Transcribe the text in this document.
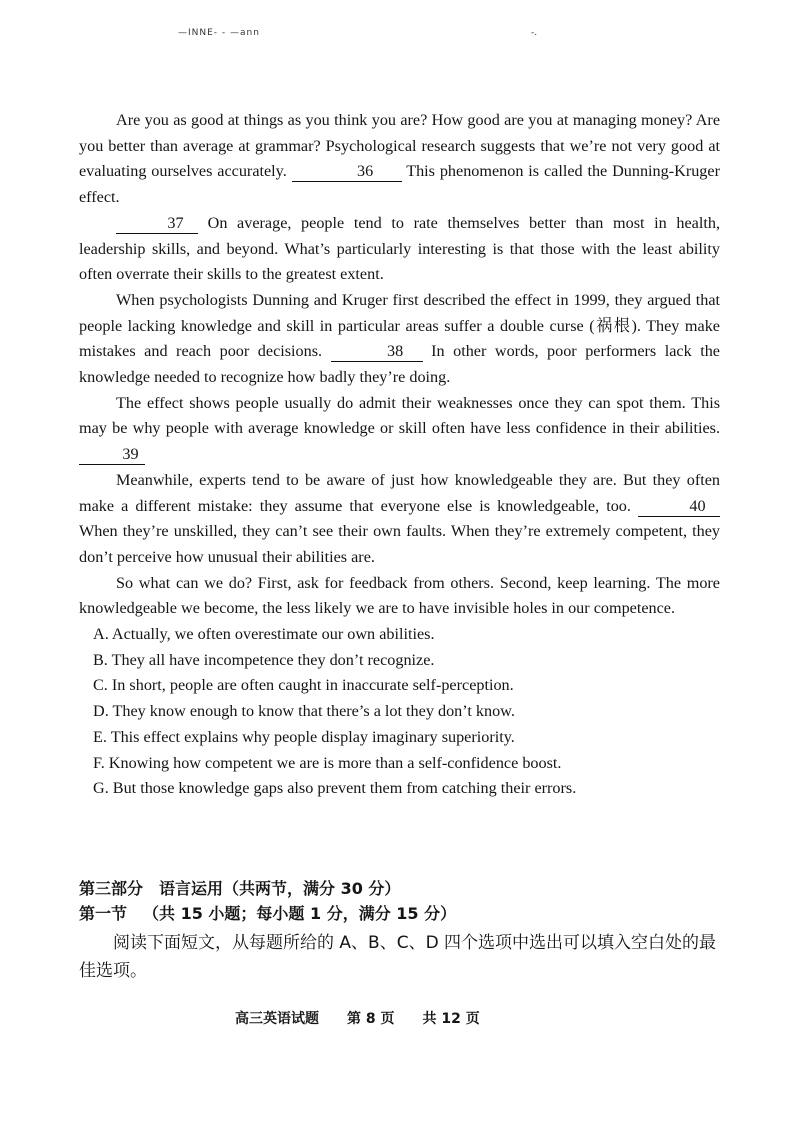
—INNE- - —ann	-.

Are you as good at things as you think you are? How good are you at managing money? Are you better than average at grammar? Psychological research suggests that we’re not very good at evaluating ourselves accurately.	36 This phenomenon is called the Dunning-Kruger effect.

37 On average, people tend to rate themselves better than most in health, leadership skills, and beyond. What’s particularly interesting is that those with the least ability often overrate their skills to the greatest extent.

When psychologists Dunning and Kruger first described the effect in 1999, they argued that people lacking knowledge and skill in particular areas suffer a double curse (祸根). They make mistakes and reach poor decisions.	38 In other words, poor performers lack the knowledge needed to recognize how badly they’re doing.

The effect shows people usually do admit their weaknesses once they can spot them. This may be why people with average knowledge or skill often have less confidence in their abilities. 39

Meanwhile, experts tend to be aware of just how knowledgeable they are. But they often make a different mistake: they assume that everyone else is knowledgeable, too.	40 When they’re unskilled, they can’t see their own faults. When they’re extremely competent, they don’t perceive how unusual their abilities are.

So what can we do? First, ask for feedback from others. Second, keep learning. The more knowledgeable we become, the less likely we are to have invisible holes in our competence.

A. Actually, we often overestimate our own abilities.
B. They all have incompetence they don’t recognize.
C. In short, people are often caught in inaccurate self-perception.
D. They know enough to know that there’s a lot they don’t know.
E. This effect explains why people display imaginary superiority.
F. Knowing how competent we are is more than a self-confidence boost.
G. But those knowledge gaps also prevent them from catching their errors.
第三部分　语言运用（共两节，满分 30 分）
第一节 （共 15 小题；每小题 1 分，满分 15 分）
阅读下面短文，从每题所给的 A、B、C、D 四个选项中选出可以填入空白处的最佳选项。
高三英语试题　　第 8 页　　共 12 页
